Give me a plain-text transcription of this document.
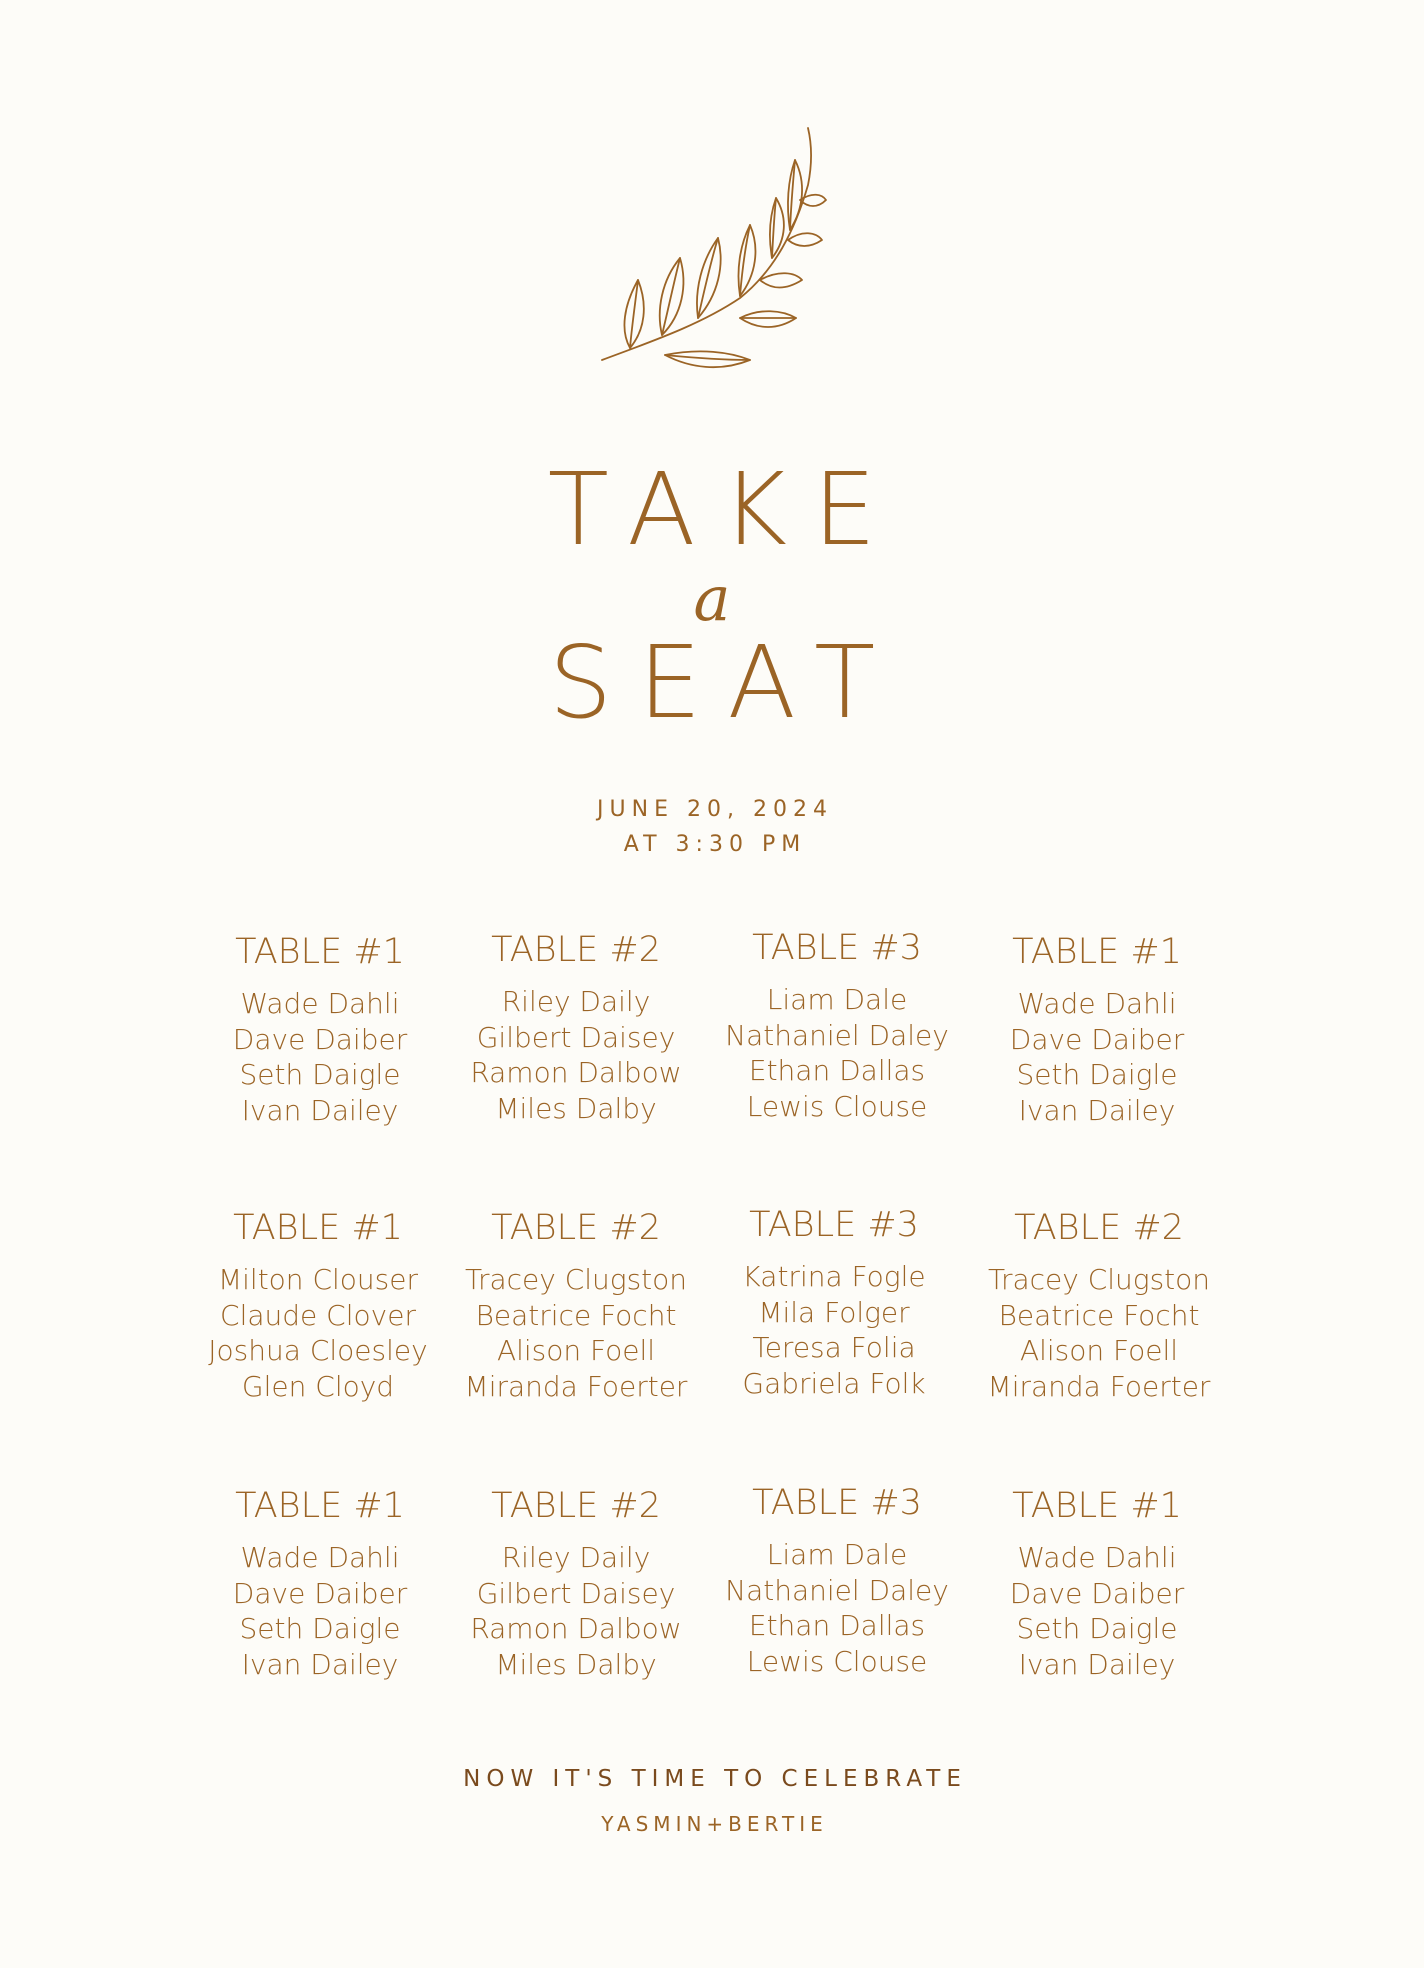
TAKE
a
SEAT
JUNE 20, 2024
AT 3:30 PM
TABLE #1
Wade Dahli
Dave Daiber
Seth Daigle
Ivan Dailey
TABLE #2
Riley Daily
Gilbert Daisey
Ramon Dalbow
Miles Dalby
TABLE #3
Liam Dale
Nathaniel Daley
Ethan Dallas
Lewis Clouse
TABLE #1
Wade Dahli
Dave Daiber
Seth Daigle
Ivan Dailey
TABLE #1
Milton Clouser
Claude Clover
Joshua Cloesley
Glen Cloyd
TABLE #2
Tracey Clugston
Beatrice Focht
Alison Foell
Miranda Foerter
TABLE #3
Katrina Fogle
Mila Folger
Teresa Folia
Gabriela Folk
TABLE #2
Tracey Clugston
Beatrice Focht
Alison Foell
Miranda Foerter
TABLE #1
Wade Dahli
Dave Daiber
Seth Daigle
Ivan Dailey
TABLE #2
Riley Daily
Gilbert Daisey
Ramon Dalbow
Miles Dalby
TABLE #3
Liam Dale
Nathaniel Daley
Ethan Dallas
Lewis Clouse
TABLE #1
Wade Dahli
Dave Daiber
Seth Daigle
Ivan Dailey
NOW IT'S TIME TO CELEBRATE
YASMIN+BERTIE
